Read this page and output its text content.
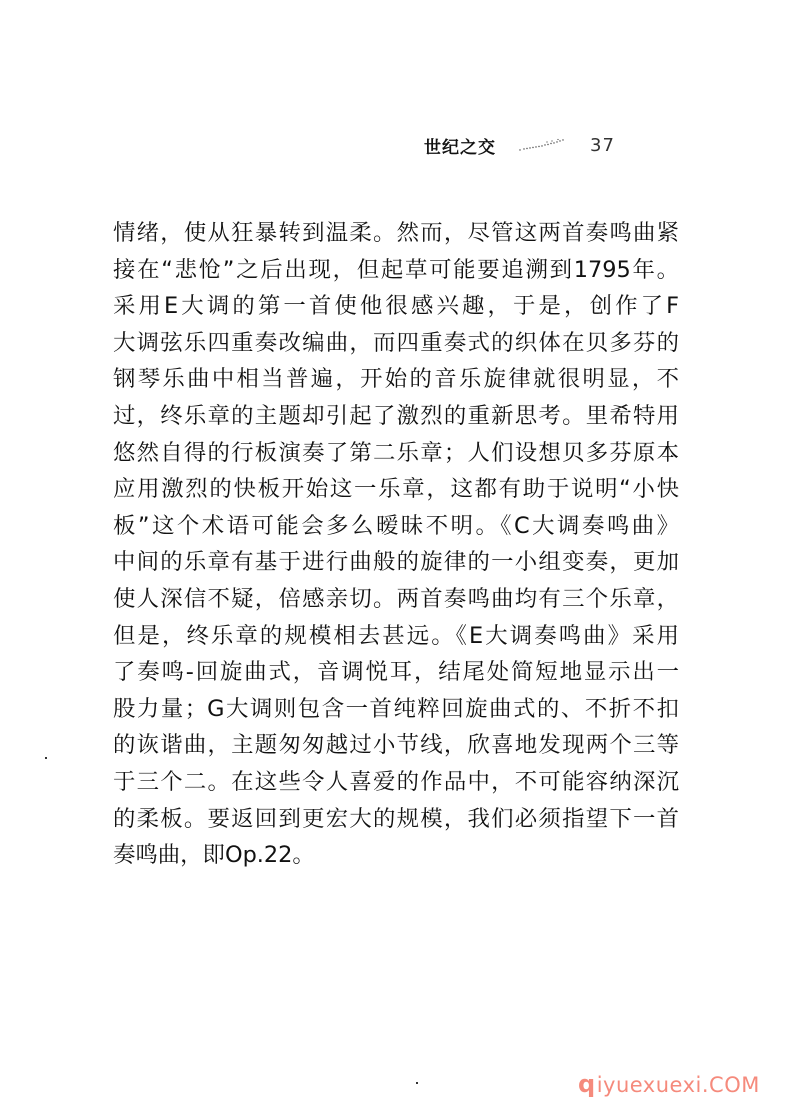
世纪之交	37
情绪，使从狂暴转到温柔。然而，尽管这两首奏鸣曲紧
接在“悲怆”之后出现，但起草可能要追溯到1795年。
采用E大调的第一首使他很感兴趣，于是，创作了F
大调弦乐四重奏改编曲，而四重奏式的织体在贝多芬的
钢琴乐曲中相当普遍，开始的音乐旋律就很明显，不
过，终乐章的主题却引起了激烈的重新思考。里希特用
悠然自得的行板演奏了第二乐章；人们设想贝多芬原本
应用激烈的快板开始这一乐章，这都有助于说明“小快
板”这个术语可能会多么暧昧不明。《C大调奏鸣曲》
中间的乐章有基于进行曲般的旋律的一小组变奏，更加
使人深信不疑，倍感亲切。两首奏鸣曲均有三个乐章，
但是，终乐章的规模相去甚远。《E大调奏鸣曲》采用
了奏鸣-回旋曲式，音调悦耳，结尾处简短地显示出一
股力量；G大调则包含一首纯粹回旋曲式的、不折不扣
的诙谐曲，主题匆匆越过小节线，欣喜地发现两个三等
于三个二。在这些令人喜爱的作品中，不可能容纳深沉
的柔板。要返回到更宏大的规模，我们必须指望下一首
奏鸣曲，即Op.22。
q iyuexuexi.COM
